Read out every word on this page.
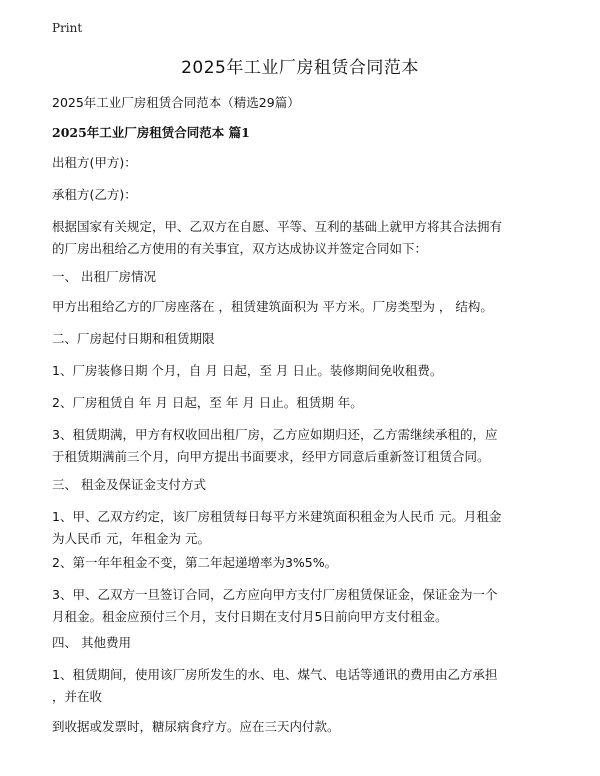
Print
2025年工业厂房租赁合同范本

2025年工业厂房租赁合同范本（精选29篇）

2025年工业厂房租赁合同范本 篇1

出租方(甲方)：

承租方(乙方)：

根据国家有关规定，甲、乙双方在自愿、平等、互利的基础上就甲方将其合法拥有
的厂房出租给乙方使用的有关事宜，双方达成协议并签定合同如下：

一、 出租厂房情况

甲方出租给乙方的厂房座落在 ，租赁建筑面积为 平方米。厂房类型为 ， 结构。

二、厂房起付日期和租赁期限

1、厂房装修日期 个月，自 月 日起，至 月 日止。装修期间免收租费。

2、厂房租赁自 年 月 日起，至 年 月 日止。租赁期 年。

3、租赁期满，甲方有权收回出租厂房，乙方应如期归还，乙方需继续承租的，应
于租赁期满前三个月，向甲方提出书面要求，经甲方同意后重新签订租赁合同。

三、 租金及保证金支付方式

1、甲、乙双方约定，该厂房租赁每日每平方米建筑面积租金为人民币 元。月租金
为人民币 元，年租金为 元。

2、第一年年租金不变，第二年起递增率为3%5%。

3、甲、乙双方一旦签订合同，乙方应向甲方支付厂房租赁保证金，保证金为一个
月租金。租金应预付三个月，支付日期在支付月5日前向甲方支付租金。

四、 其他费用

1、租赁期间，使用该厂房所发生的水、电、煤气、电话等通讯的费用由乙方承担
，并在收

到收据或发票时，糖尿病食疗方。应在三天内付款。
